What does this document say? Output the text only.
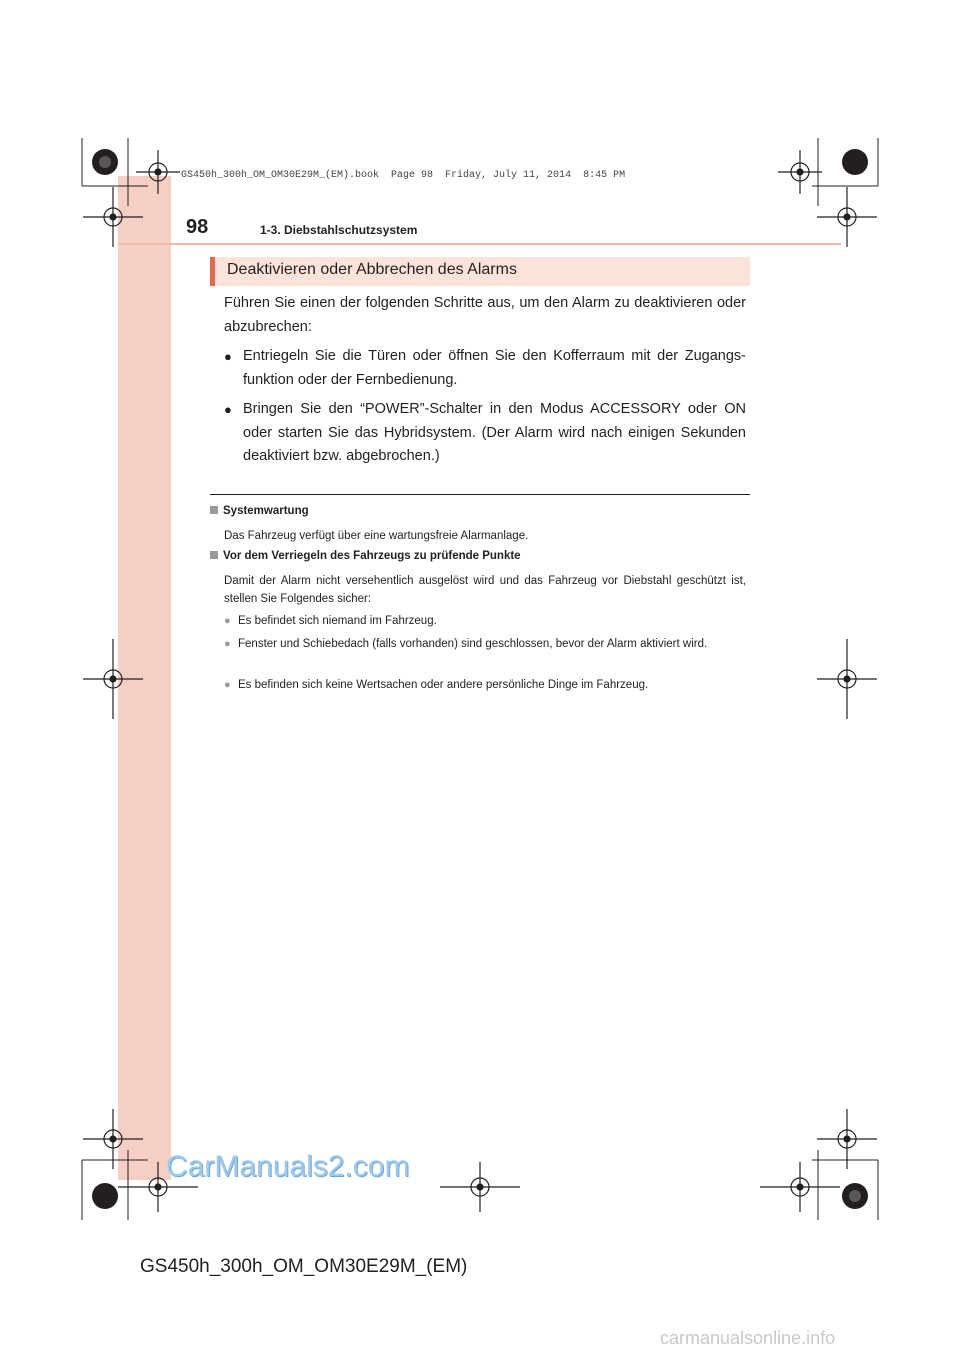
GS450h_300h_OM_OM30E29M_(EM).book  Page 98  Friday, July 11, 2014  8:45 PM
98	1-3. Diebstahlschutzsystem
Deaktivieren oder Abbrechen des Alarms
Führen Sie einen der folgenden Schritte aus, um den Alarm zu deaktivieren oder abzubrechen:
● Entriegeln Sie die Türen oder öffnen Sie den Kofferraum mit der Zugangs-funktion oder der Fernbedienung.
● Bringen Sie den “POWER”-Schalter in den Modus ACCESSORY oder ON oder starten Sie das Hybridsystem. (Der Alarm wird nach einigen Sekunden deaktiviert bzw. abgebrochen.)
Systemwartung
Das Fahrzeug verfügt über eine wartungsfreie Alarmanlage.
Vor dem Verriegeln des Fahrzeugs zu prüfende Punkte
Damit der Alarm nicht versehentlich ausgelöst wird und das Fahrzeug vor Diebstahl geschützt ist, stellen Sie Folgendes sicher:
● Es befindet sich niemand im Fahrzeug.
● Fenster und Schiebedach (falls vorhanden) sind geschlossen, bevor der Alarm aktiviert wird.
● Es befinden sich keine Wertsachen oder andere persönliche Dinge im Fahrzeug.
CarManuals2.com
GS450h_300h_OM_OM30E29M_(EM)
carmanualsonline.info
